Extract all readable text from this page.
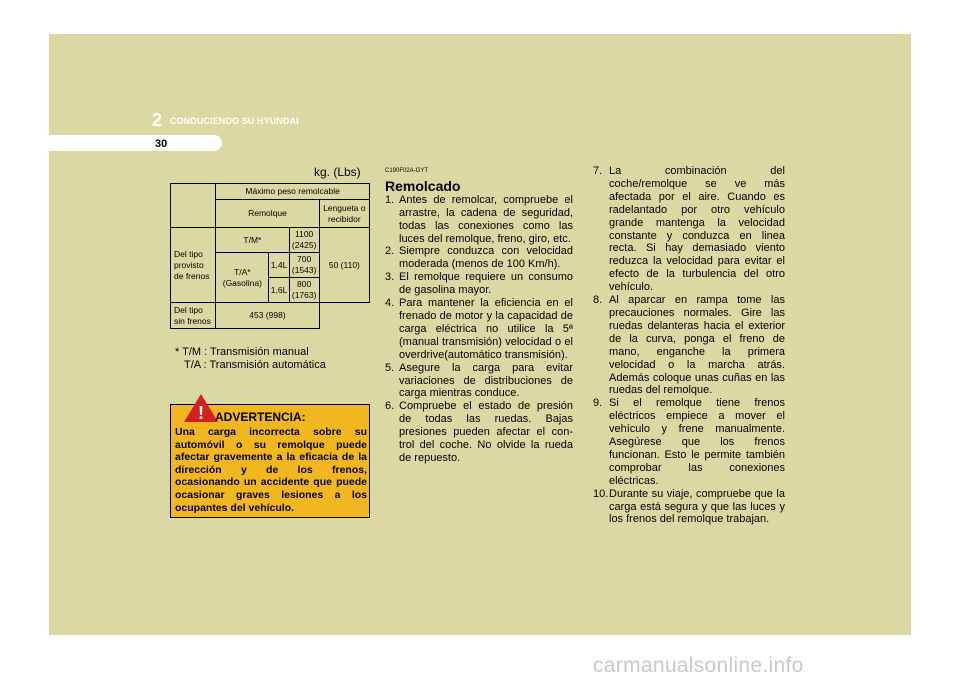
2 CONDUCIENDO SU HYUNDAI
30
kg. (Lbs)
	Máximo peso remolcable			
	Remolque			Lengueta o recibidor
Del tipo provisto de frenos	T/M*		1100 (2425)	50 (110)
	T/A* (Gasolina)	1,4L	700 (1543)	
		1,6L	800 (1763)	
Del tipo sin frenos	453 (998)			
* T/M : Transmisión manual
T/A : Transmisión automática
! ADVERTENCIA:
Una carga incorrecta sobre su automóvil o su remolque puede afectar gravemente a la eficacia de la dirección y de los frenos, ocasionando un accidente que puede ocasionar graves lesiones a los ocupantes del vehículo.
C190F02A-GYT
Remolcado
1. Antes de remolcar, compruebe el arrastre, la cadena de seguridad, todas las conexiones como las luces del remolque, freno, giro, etc.
2. Siempre conduzca con velocidad moderada (menos de 100 Km/h).
3. El remolque requiere un consumo de gasolina mayor.
4. Para mantener la eficiencia en el frenado de motor y la capacidad de carga eléctrica no utilice la 5ª (manual transmisión) velocidad o el overdrive(automático transmisión).
5. Asegure la carga para evitar variaciones de distribuciones de carga mientras conduce.
6. Compruebe el estado de presión de todas las ruedas. Bajas presiones pueden afectar el con-trol del coche. No olvide la rueda de repuesto.
7. La combinación del coche/remolque se ve más afectada por el aire. Cuando es radelantado por otro vehículo grande mantenga la velocidad constante y conduzca en linea recta. Si hay demasiado viento reduzca la velocidad para evitar el efecto de la turbulencia del otro vehículo.
8. Al aparcar en rampa tome las precauciones normales. Gire las ruedas delanteras hacia el exterior de la curva, ponga el freno de mano, enganche la primera velocidad o la marcha atrás. Además coloque unas cuñas en las ruedas del remolque.
9. Si el remolque tiene frenos eléctricos empiece a mover el vehículo y frene manualmente. Asegúrese que los frenos funcionan. Esto le permite también comprobar las conexiones eléctricas.
10. Durante su viaje, compruebe que la carga está segura y que las luces y los frenos del remolque trabajan.
carmanualsonline.info
